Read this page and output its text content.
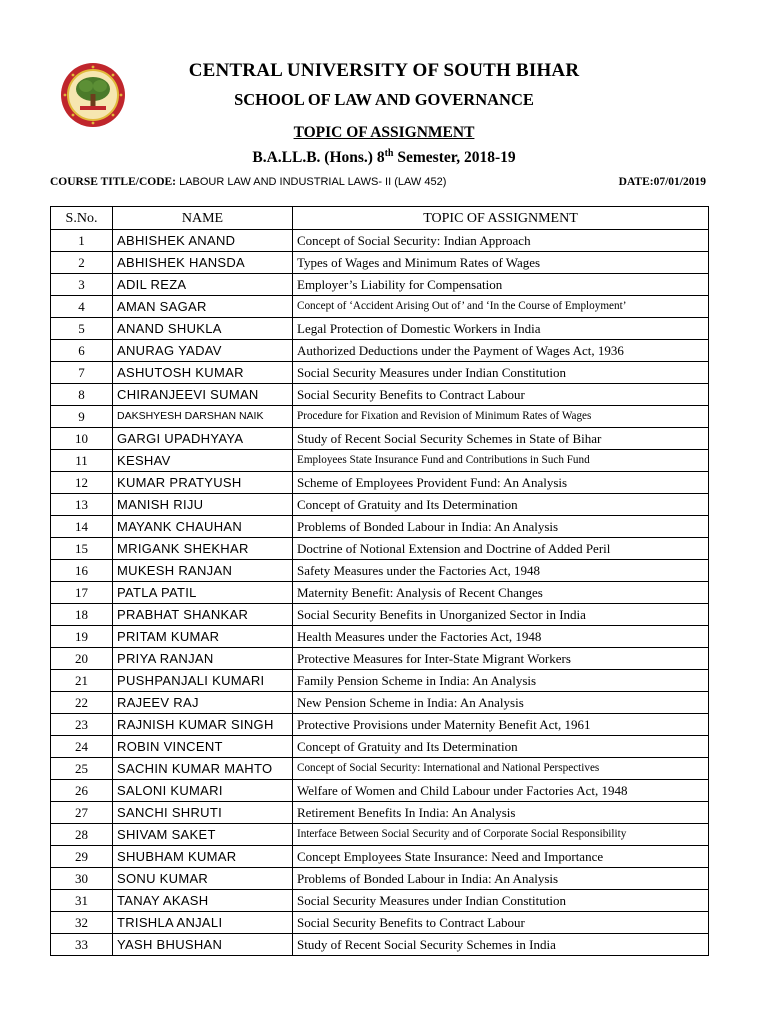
CENTRAL UNIVERSITY OF SOUTH BIHAR
SCHOOL OF LAW AND GOVERNANCE
TOPIC OF ASSIGNMENT
B.A.LL.B. (Hons.) 8th Semester, 2018-19
COURSE TITLE/CODE: LABOUR LAW AND INDUSTRIAL LAWS- II (LAW 452)	DATE:07/01/2019
S.No.	NAME	TOPIC OF ASSIGNMENT
1	ABHISHEK ANAND	Concept of Social Security: Indian Approach
2	ABHISHEK HANSDA	Types of Wages and Minimum Rates of Wages
3	ADIL REZA	Employer’s Liability for Compensation
4	AMAN SAGAR	Concept of ‘Accident Arising Out of’ and ‘In the Course of Employment’
5	ANAND SHUKLA	Legal Protection of Domestic Workers in India
6	ANURAG YADAV	Authorized Deductions under the Payment of Wages Act, 1936
7	ASHUTOSH KUMAR	Social Security Measures under Indian Constitution
8	CHIRANJEEVI SUMAN	Social Security Benefits to Contract Labour
9	DAKSHYESH DARSHAN NAIK	Procedure for Fixation and Revision of Minimum Rates of Wages
10	GARGI UPADHYAYA	Study of Recent Social Security Schemes in State of Bihar
11	KESHAV	Employees State Insurance Fund and Contributions in Such Fund
12	KUMAR PRATYUSH	Scheme of Employees Provident Fund: An Analysis
13	MANISH RIJU	Concept of Gratuity and Its Determination
14	MAYANK CHAUHAN	Problems of Bonded Labour in India: An Analysis
15	MRIGANK SHEKHAR	Doctrine of Notional Extension and Doctrine of Added Peril
16	MUKESH RANJAN	Safety Measures under the Factories Act, 1948
17	PATLA PATIL	Maternity Benefit: Analysis of Recent Changes
18	PRABHAT SHANKAR	Social Security Benefits in Unorganized Sector in India
19	PRITAM KUMAR	Health Measures under the Factories Act, 1948
20	PRIYA RANJAN	Protective Measures for Inter-State Migrant Workers
21	PUSHPANJALI KUMARI	Family Pension Scheme in India: An Analysis
22	RAJEEV RAJ	New Pension Scheme in India: An Analysis
23	RAJNISH KUMAR SINGH	Protective Provisions under Maternity Benefit Act, 1961
24	ROBIN VINCENT	Concept of Gratuity and Its Determination
25	SACHIN KUMAR MAHTO	Concept of Social Security: International and National Perspectives
26	SALONI KUMARI	Welfare of Women and Child Labour under Factories Act, 1948
27	SANCHI SHRUTI	Retirement Benefits In India: An Analysis
28	SHIVAM SAKET	Interface Between Social Security and of Corporate Social Responsibility
29	SHUBHAM KUMAR	Concept Employees State Insurance: Need and Importance
30	SONU KUMAR	Problems of Bonded Labour in India: An Analysis
31	TANAY AKASH	Social Security Measures under Indian Constitution
32	TRISHLA ANJALI	Social Security Benefits to Contract Labour
33	YASH BHUSHAN	Study of Recent Social Security Schemes in India
